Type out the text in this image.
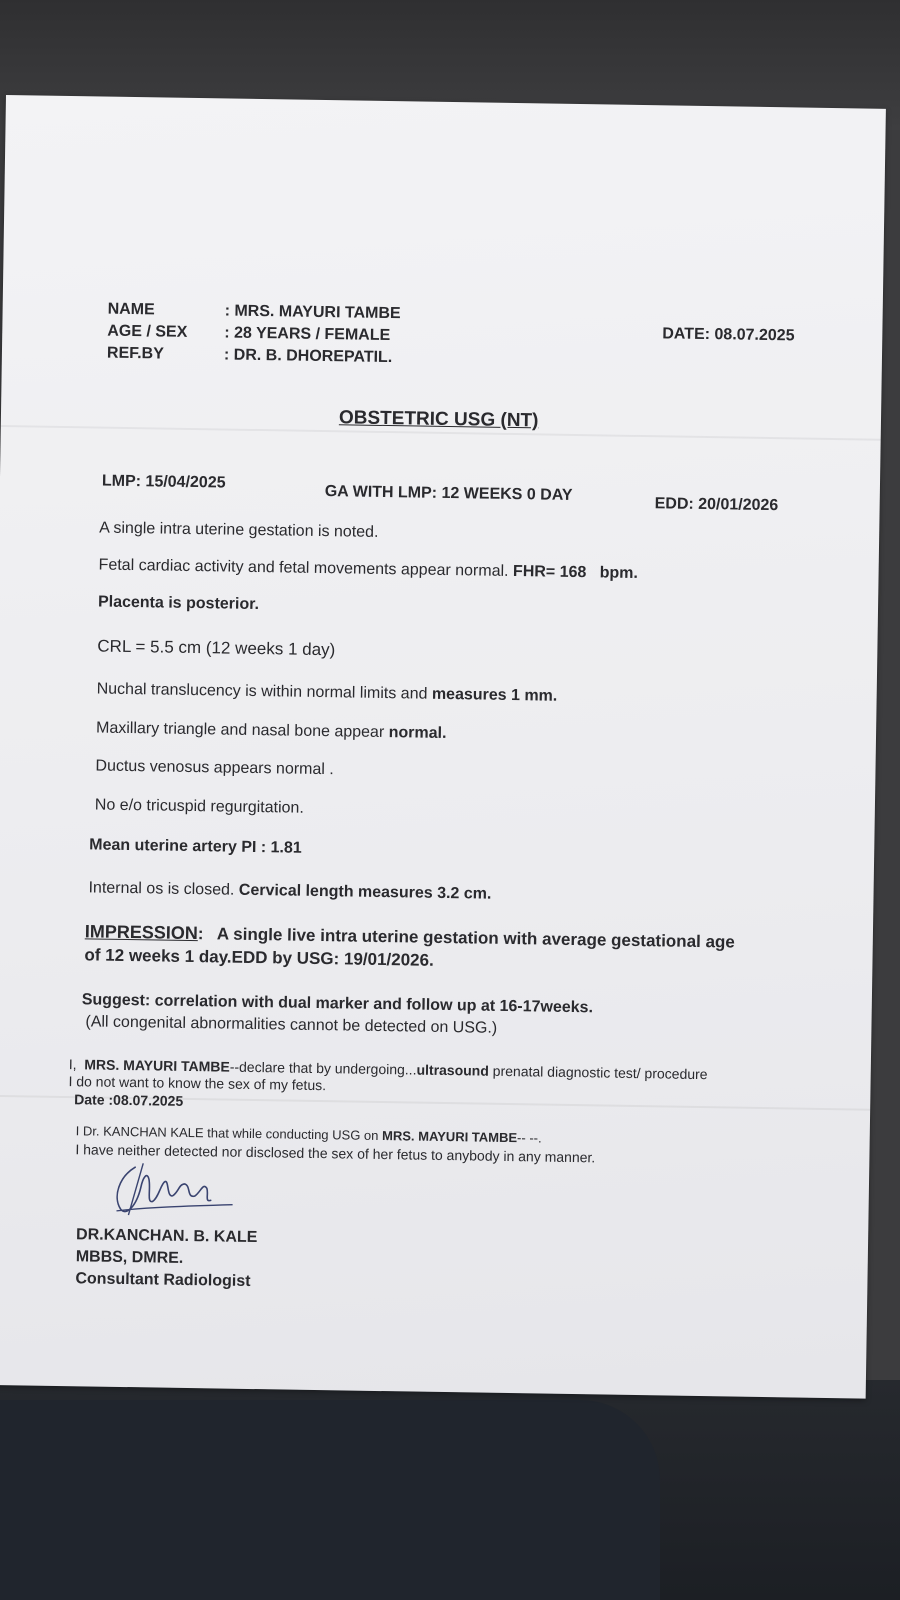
NAME	: MRS. MAYURI TAMBE
AGE / SEX : 28 YEARS / FEMALE
REF.BY	: DR. B. DHOREPATIL.
DATE: 08.07.2025
OBSTETRIC USG (NT)
LMP: 15/04/2025
GA WITH LMP: 12 WEEKS 0 DAY
EDD: 20/01/2026
A single intra uterine gestation is noted.
Fetal cardiac activity and fetal movements appear normal. FHR= 168 bpm.
Placenta is posterior.
CRL = 5.5 cm (12 weeks 1 day)
Nuchal translucency is within normal limits and measures 1 mm.
Maxillary triangle and nasal bone appear normal.
Ductus venosus appears normal .
No e/o tricuspid regurgitation.
Mean uterine artery PI : 1.81
Internal os is closed. Cervical length measures 3.2 cm.
IMPRESSION: A single live intra uterine gestation with average gestational age
of 12 weeks 1 day.EDD by USG: 19/01/2026.
Suggest: correlation with dual marker and follow up at 16-17weeks.
(All congenital abnormalities cannot be detected on USG.)
I, MRS. MAYURI TAMBE--declare that by undergoing...ultrasound prenatal diagnostic test/ procedure
I do not want to know the sex of my fetus.
Date :08.07.2025
I Dr. KANCHAN KALE that while conducting USG on MRS. MAYURI TAMBE-- --.
I have neither detected nor disclosed the sex of her fetus to anybody in any manner.
DR.KANCHAN. B. KALE
MBBS, DMRE.
Consultant Radiologist
